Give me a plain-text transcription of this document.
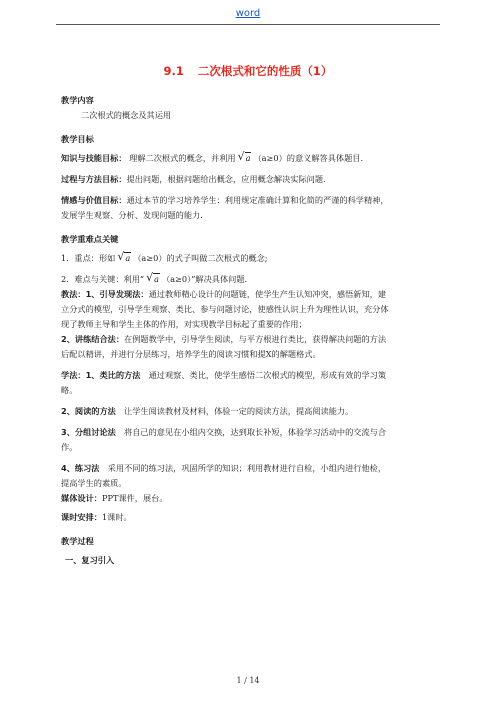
word
9.1 二次根式和它的性质（1）

教学内容

二次根式的概念及其运用

教学目标

知识与技能目标： 理解二次根式的概念，并利用 √ a （a≥0）的意义解答具体题目.

过程与方法目标：提出问题，根据问题给出概念，应用概念解决实际问题.

情感与价值目标：通过本节的学习培养学生：利用规定准确计算和化简的严谨的科学精神，
发展学生观察、分析、发现问题的能力.

教学重难点关键

1．重点：形如 √ a （a≥0）的式子叫做二次根式的概念;

2．难点与关键：利用“ √ a （a≥0）”解决具体问题.

教法：1、引导发现法：通过教师精心设计的问题链，使学生产生认知冲突，感悟新知，建
立分式的模型，引导学生观察、类比、参与问题讨论，使感性认识上升为理性认识，充分体
现了教师主导和学生主体的作用，对实现教学目标起了重要的作用；

2、讲练结合法：在例题教学中，引导学生阅读，与平方根进行类比，获得解决问题的方法
后配以精讲，并进行分层练习，培养学生的阅读习惯和提X的解题格式。

学法：1、类比的方法　通过观察、类比，使学生感悟二次根式的模型，形成有效的学习策
略。

2、阅读的方法　让学生阅读教材及材料，体验一定的阅读方法，提高阅读能力。

3、分组讨论法　将自己的意见在小组内交换，达到取长补短，体验学习活动中的交流与合
作。

4、练习法　采用不同的练习法，巩固所学的知识；利用教材进行自检，小组内进行他检，
提高学生的素质。

媒体设计：PPT课件，展台。

课时安排：1课时。

教学过程

一、复习引入

1 / 14
